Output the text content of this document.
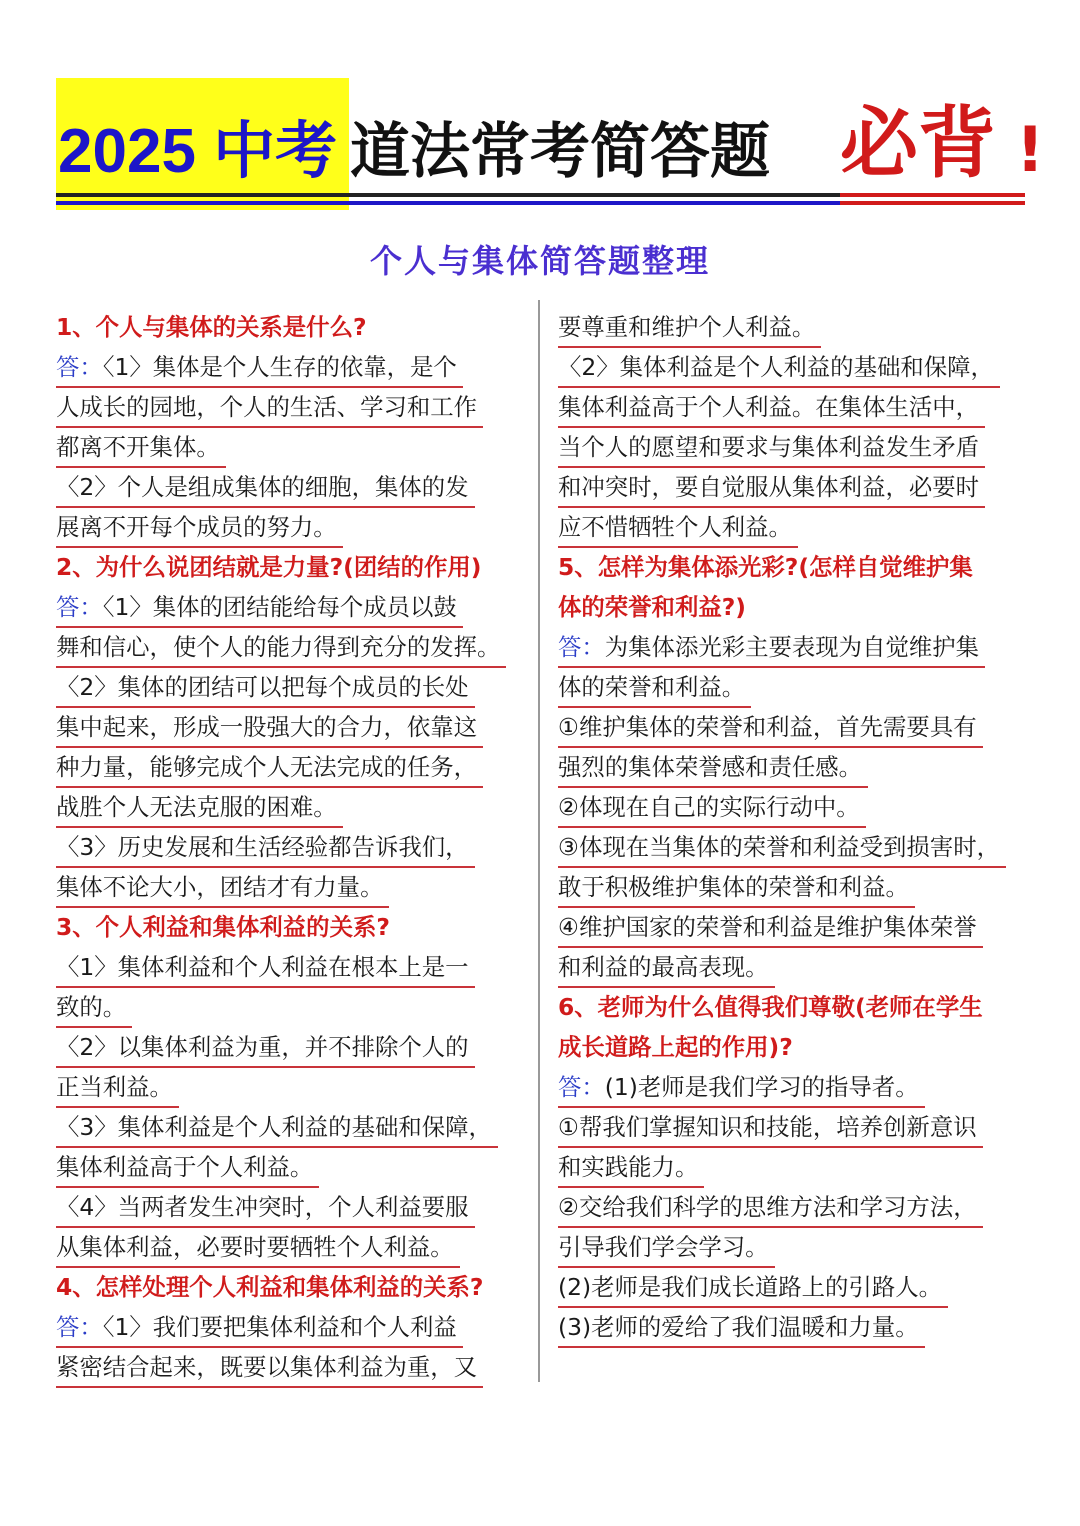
2025 中考 道法常考简答题 必背 !
个人与集体简答题整理
1、个人与集体的关系是什么?
答：〈1〉集体是个人生存的依靠，是个
人成长的园地，个人的生活、学习和工作
都离不开集体。
〈2〉个人是组成集体的细胞，集体的发
展离不开每个成员的努力。
2、为什么说团结就是力量?(团结的作用)
答：〈1〉集体的团结能给每个成员以鼓
舞和信心，使个人的能力得到充分的发挥。
〈2〉集体的团结可以把每个成员的长处
集中起来，形成一股强大的合力，依靠这
种力量，能够完成个人无法完成的任务，
战胜个人无法克服的困难。
〈3〉历史发展和生活经验都告诉我们，
集体不论大小，团结才有力量。
3、个人利益和集体利益的关系?
〈1〉集体利益和个人利益在根本上是一
致的。
〈2〉以集体利益为重，并不排除个人的
正当利益。
〈3〉集体利益是个人利益的基础和保障，
集体利益高于个人利益。
〈4〉当两者发生冲突时，个人利益要服
从集体利益，必要时要牺牲个人利益。
4、怎样处理个人利益和集体利益的关系?
答：〈1〉我们要把集体利益和个人利益
紧密结合起来，既要以集体利益为重，又
要尊重和维护个人利益。
〈2〉集体利益是个人利益的基础和保障，
集体利益高于个人利益。在集体生活中，
当个人的愿望和要求与集体利益发生矛盾
和冲突时，要自觉服从集体利益，必要时
应不惜牺牲个人利益。
5、怎样为集体添光彩?(怎样自觉维护集
体的荣誉和利益?)
答：为集体添光彩主要表现为自觉维护集
体的荣誉和利益。
①维护集体的荣誉和利益，首先需要具有
强烈的集体荣誉感和责任感。
②体现在自己的实际行动中。
③体现在当集体的荣誉和利益受到损害时，
敢于积极维护集体的荣誉和利益。
④维护国家的荣誉和利益是维护集体荣誉
和利益的最高表现。
6、老师为什么值得我们尊敬(老师在学生
成长道路上起的作用)?
答：(1)老师是我们学习的指导者。
①帮我们掌握知识和技能，培养创新意识
和实践能力。
②交给我们科学的思维方法和学习方法，
引导我们学会学习。
(2)老师是我们成长道路上的引路人。
(3)老师的爱给了我们温暖和力量。
